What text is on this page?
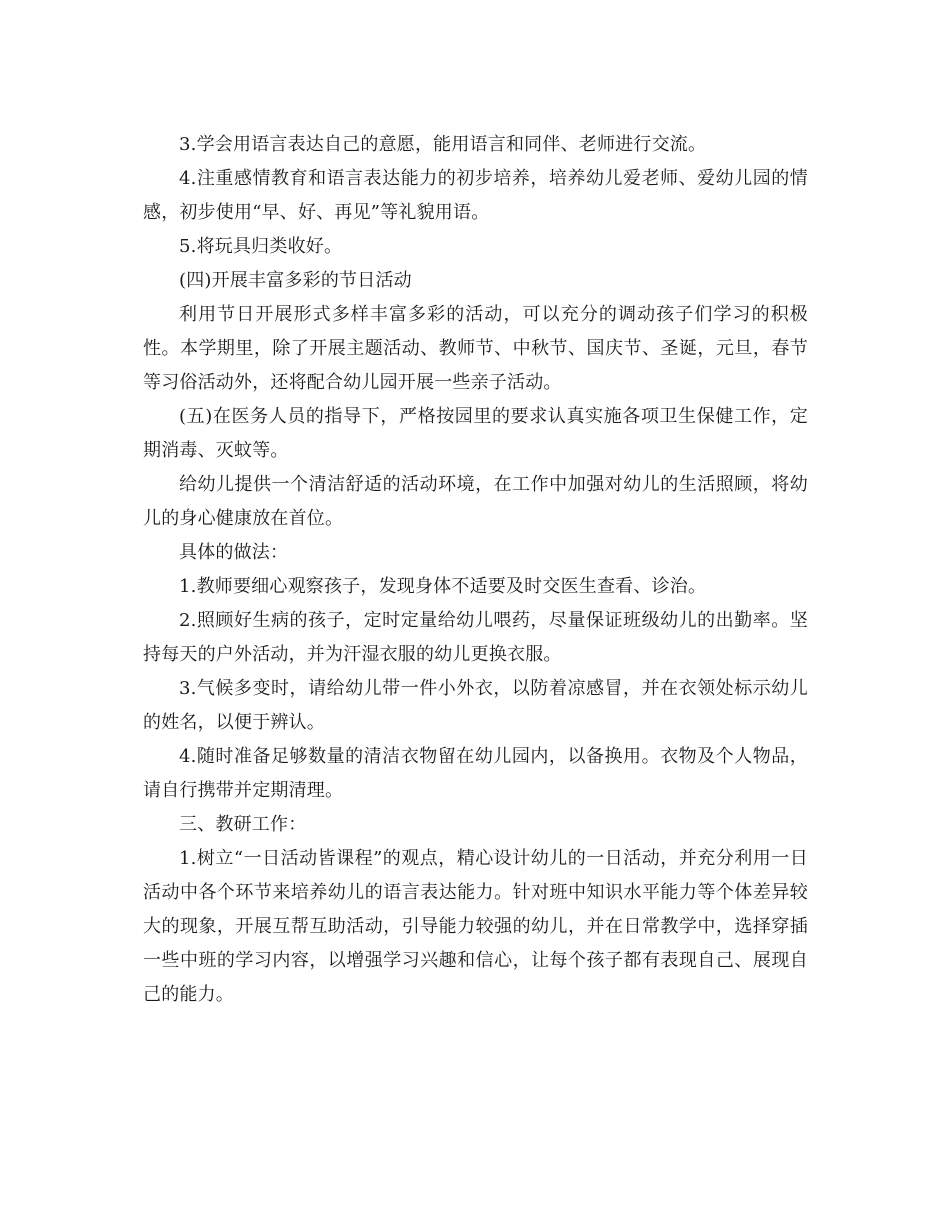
3.学会用语言表达自己的意愿，能用语言和同伴、老师进行交流。

4.注重感情教育和语言表达能力的初步培养，培养幼儿爱老师、爱幼儿园的情感，初步使用“早、好、再见”等礼貌用语。

5.将玩具归类收好。

(四)开展丰富多彩的节日活动

利用节日开展形式多样丰富多彩的活动，可以充分的调动孩子们学习的积极性。本学期里，除了开展主题活动、教师节、中秋节、国庆节、圣诞，元旦，春节等习俗活动外，还将配合幼儿园开展一些亲子活动。

(五)在医务人员的指导下，严格按园里的要求认真实施各项卫生保健工作，定期消毒、灭蚊等。

给幼儿提供一个清洁舒适的活动环境，在工作中加强对幼儿的生活照顾，将幼儿的身心健康放在首位。

具体的做法：

1.教师要细心观察孩子，发现身体不适要及时交医生查看、诊治。

2.照顾好生病的孩子，定时定量给幼儿喂药，尽量保证班级幼儿的出勤率。坚持每天的户外活动，并为汗湿衣服的幼儿更换衣服。

3.气候多变时，请给幼儿带一件小外衣，以防着凉感冒，并在衣领处标示幼儿的姓名，以便于辨认。

4.随时准备足够数量的清洁衣物留在幼儿园内，以备换用。衣物及个人物品，请自行携带并定期清理。

三、教研工作：

1.树立“一日活动皆课程”的观点，精心设计幼儿的一日活动，并充分利用一日活动中各个环节来培养幼儿的语言表达能力。针对班中知识水平能力等个体差异较大的现象，开展互帮互助活动，引导能力较强的幼儿，并在日常教学中，选择穿插一些中班的学习内容，以增强学习兴趣和信心，让每个孩子都有表现自己、展现自己的能力。
